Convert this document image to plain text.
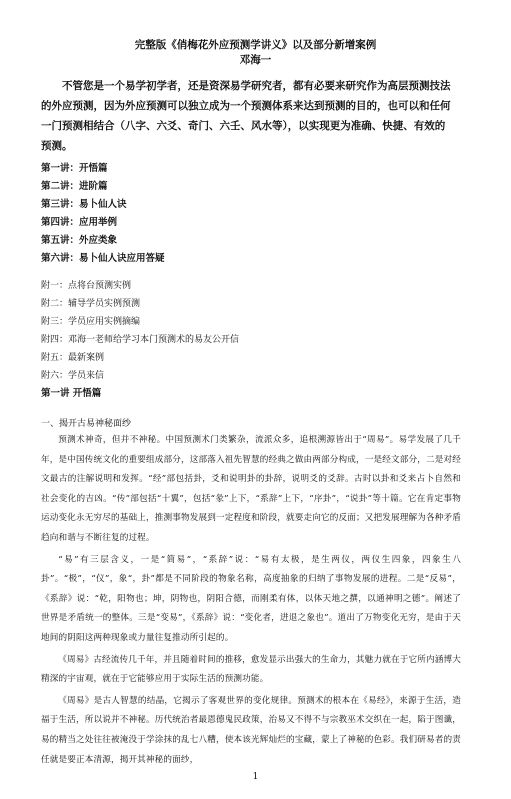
完整版《俏梅花外应预测学讲义》以及部分新增案例
邓海一

不管您是一个易学初学者，还是资深易学研究者，都有必要来研究作为高层预测技法的外应预测，因为外应预测可以独立成为一个预测体系来达到预测的目的，也可以和任何一门预测相结合（八字、六爻、奇门、六壬、风水等），以实现更为准确、快捷、有效的预测。

第一讲：开悟篇
第二讲：进阶篇
第三讲：易卜仙人诀
第四讲：应用举例
第五讲：外应类象
第六讲：易卜仙人诀应用答疑
附一：点将台预测实例
附二：辅导学员实例预测
附三：学员应用实例摘编
附四：邓海一老师给学习本门预测术的易友公开信
附五：最新案例
附六：学员来信
第一讲 开悟篇
一、揭开古易神秘面纱

预测术神奇，但并不神秘。中国预测术门类繁杂，流派众多，追根溯源皆出于“周易”。易学发展了几千年，是中国传统文化的重要组成部分，这部落入祖先智慧的经典之做由两部分构成，一是经文部分，二是对经文最古的注解说明和发挥。“经”部包括卦，爻和说明卦的卦辞，说明爻的爻辞。古时以卦和爻来占卜自然和社会变化的吉凶。“传”部包括“十翼”，包括“彖”上下，“系辞”上下，“序卦”，“说卦”等十篇。它在肯定事物运动变化永无穷尽的基础上，推测事物发展到一定程度和阶段，就要走向它的反面；又把发展理解为各种矛盾趋向和谐与不断往复的过程。

“易”有三层含义，一是“简易”，“系辞”说：“易有太极，是生两仪，两仪生四象，四象生八卦”。“极”，“仪”，象“，卦”都是不同阶段的物象名称，高度抽象的归纳了事物发展的进程。二是“反易”，《系辞》说：“乾，阳物也；坤，阴物也，阴阳合德，而刚柔有体，以体天地之撰，以通神明之德”。阐述了世界是矛盾统一的整体。三是“变易”，《系辞》说：“变化者，进退之象也”。道出了万物变化无穷，是由于天地间的阴阳这两种现象或力量往复推动所引起的。

《周易》古经流传几千年，并且随着时间的推移，愈发显示出强大的生命力，其魅力就在于它所内涵博大精深的宇宙观，就在于它能够应用于实际生活的预测功能。

《周易》是古人智慧的结晶，它揭示了客观世界的变化规律。预测术的根本在《易经》，来源于生活，造福于生活，所以说并不神秘。历代统治者最恩德鬼民政策，治易又不得不与宗教巫术交织在一起，陷于图谶，易的精当之处往往被淹没于学涂抹的乱七八糟，使本该光辉灿烂的宝藏，蒙上了神秘的色彩。我们研易者的责任就是要正本清源，揭开其神秘的面纱，

1
